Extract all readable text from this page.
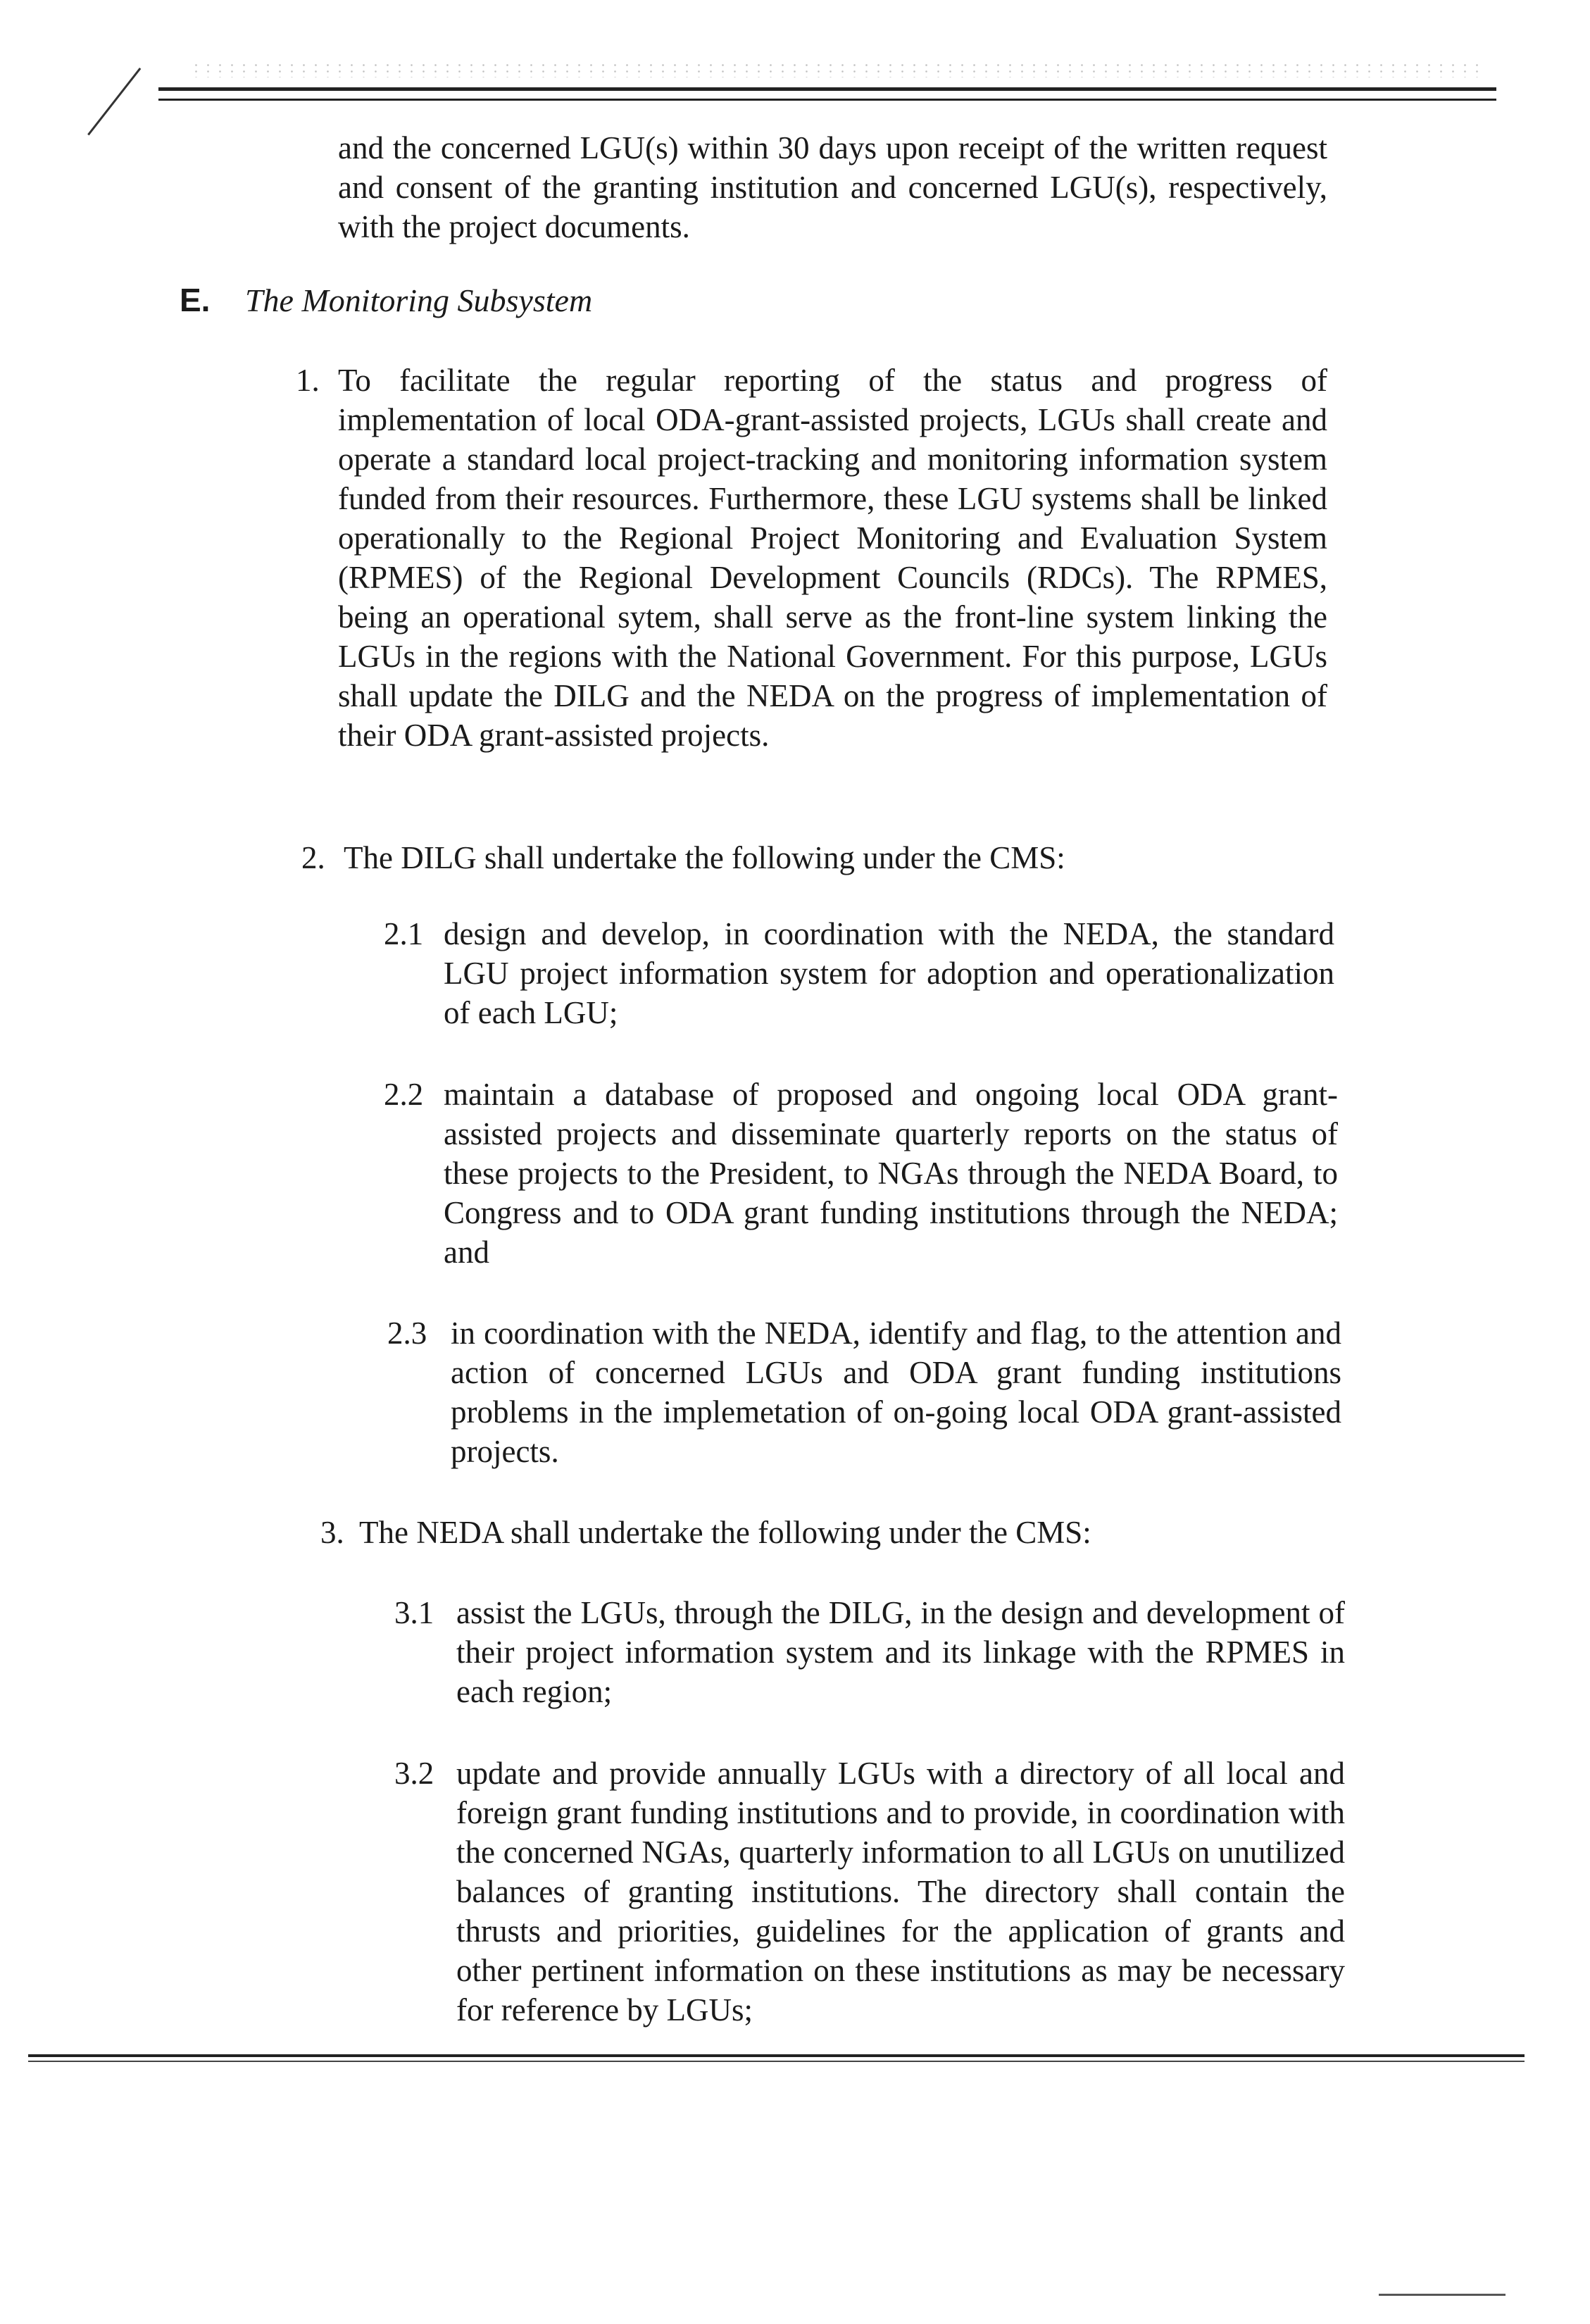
and the concerned LGU(s) within 30 days upon receipt of the written request and consent of the granting institution and concerned LGU(s), respectively, with the project documents.

E. The Monitoring Subsystem
1. To facilitate the regular reporting of the status and progress of implementation of local ODA-grant-assisted projects, LGUs shall create and operate a standard local project-tracking and monitoring information system funded from their resources. Furthermore, these LGU systems shall be linked operationally to the Regional Project Monitoring and Evaluation System (RPMES) of the Regional Development Councils (RDCs). The RPMES, being an operational sytem, shall serve as the front-line system linking the LGUs in the regions with the National Government. For this purpose, LGUs shall update the DILG and the NEDA on the progress of implementation of their ODA grant-assisted projects.

2. The DILG shall undertake the following under the CMS:

2.1 design and develop, in coordination with the NEDA, the standard LGU project information system for adoption and operationalization of each LGU;

2.2 maintain a database of proposed and ongoing local ODA grant-assisted projects and disseminate quarterly reports on the status of these projects to the President, to NGAs through the NEDA Board, to Congress and to ODA grant funding institutions through the NEDA; and

2.3 in coordination with the NEDA, identify and flag, to the attention and action of concerned LGUs and ODA grant funding institutions problems in the implemetation of on-going local ODA grant-assisted projects.

3. The NEDA shall undertake the following under the CMS:

3.1 assist the LGUs, through the DILG, in the design and development of their project information system and its linkage with the RPMES in each region;

3.2 update and provide annually LGUs with a directory of all local and foreign grant funding institutions and to provide, in coordination with the concerned NGAs, quarterly information to all LGUs on unutilized balances of granting institutions. The directory shall contain the thrusts and priorities, guidelines for the application of grants and other pertinent information on these institutions as may be necessary for reference by LGUs;
